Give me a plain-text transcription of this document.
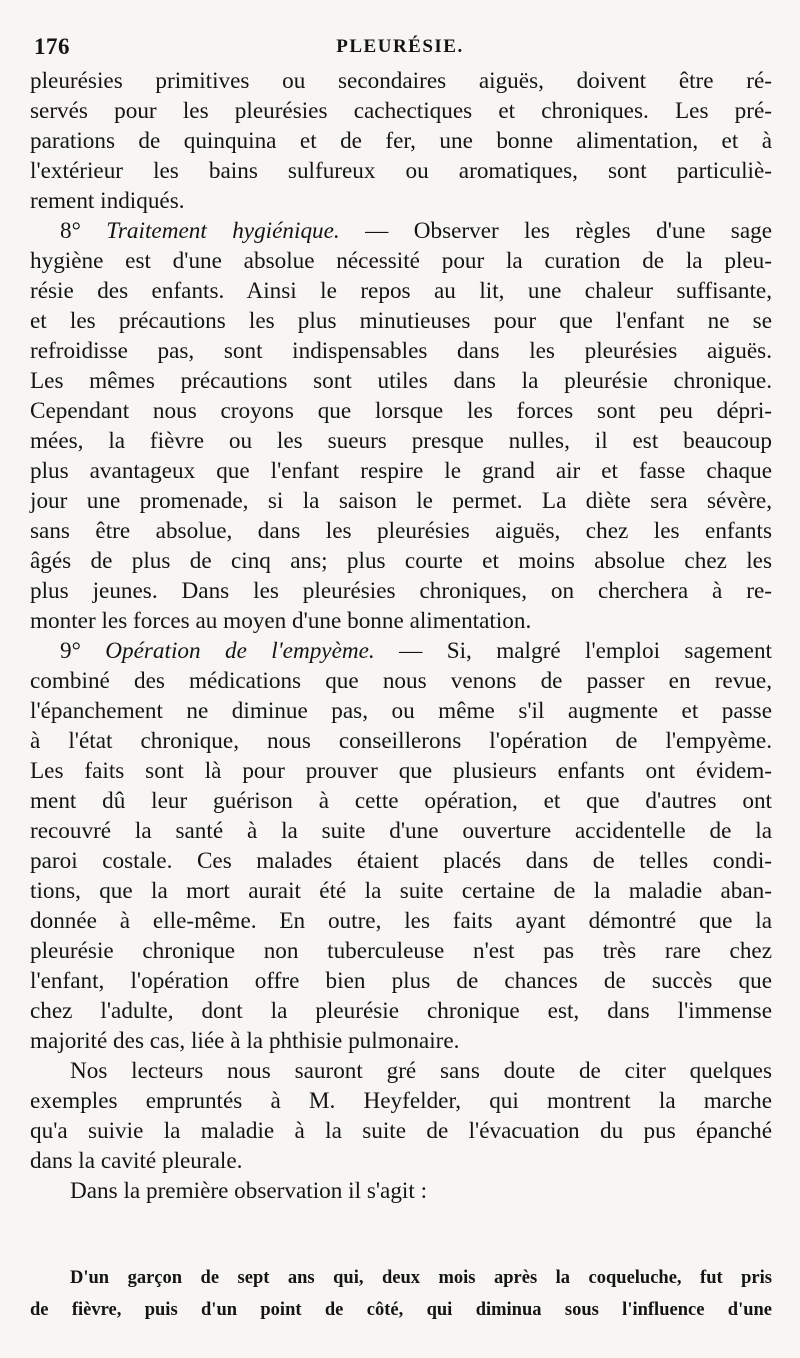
176	PLEURÉSIE.
pleurésies primitives ou secondaires aiguës, doivent être ré-
servés pour les pleurésies cachectiques et chroniques. Les pré-
parations de quinquina et de fer, une bonne alimentation, et à
l'extérieur les bains sulfureux ou aromatiques, sont particuliè-
rement indiqués.
8° Traitement hygiénique. — Observer les règles d'une sage
hygiène est d'une absolue nécessité pour la curation de la pleu-
résie des enfants. Ainsi le repos au lit, une chaleur suffisante,
et les précautions les plus minutieuses pour que l'enfant ne se
refroidisse pas, sont indispensables dans les pleurésies aiguës.
Les mêmes précautions sont utiles dans la pleurésie chronique.
Cependant nous croyons que lorsque les forces sont peu dépri-
mées, la fièvre ou les sueurs presque nulles, il est beaucoup
plus avantageux que l'enfant respire le grand air et fasse chaque
jour une promenade, si la saison le permet. La diète sera sévère,
sans être absolue, dans les pleurésies aiguës, chez les enfants
âgés de plus de cinq ans; plus courte et moins absolue chez les
plus jeunes. Dans les pleurésies chroniques, on cherchera à re-
monter les forces au moyen d'une bonne alimentation.
9° Opération de l'empyème. — Si, malgré l'emploi sagement
combiné des médications que nous venons de passer en revue,
l'épanchement ne diminue pas, ou même s'il augmente et passe
à l'état chronique, nous conseillerons l'opération de l'empyème.
Les faits sont là pour prouver que plusieurs enfants ont évidem-
ment dû leur guérison à cette opération, et que d'autres ont
recouvré la santé à la suite d'une ouverture accidentelle de la
paroi costale. Ces malades étaient placés dans de telles condi-
tions, que la mort aurait été la suite certaine de la maladie aban-
donnée à elle-même. En outre, les faits ayant démontré que la
pleurésie chronique non tuberculeuse n'est pas très rare chez
l'enfant, l'opération offre bien plus de chances de succès que
chez l'adulte, dont la pleurésie chronique est, dans l'immense
majorité des cas, liée à la phthisie pulmonaire.
Nos lecteurs nous sauront gré sans doute de citer quelques
exemples empruntés à M. Heyfelder, qui montrent la marche
qu'a suivie la maladie à la suite de l'évacuation du pus épanché
dans la cavité pleurale.
Dans la première observation il s'agit :
D'un garçon de sept ans qui, deux mois après la coqueluche, fut pris
de fièvre, puis d'un point de côté, qui diminua sous l'influence d'une
